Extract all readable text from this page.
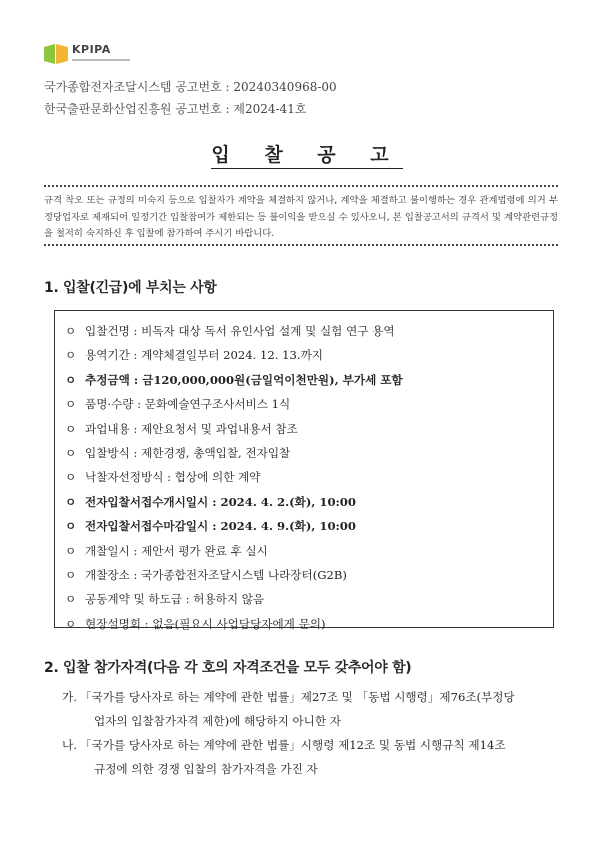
KPIPA
국가종합전자조달시스템 공고번호 : 20240340968-00
한국출판문화산업진흥원 공고번호 : 제2024-41호
입 찰 공 고
규격 착오 또는 규정의 미숙지 등으로 입찰자가 계약을 체결하지 않거나, 계약을 체결하고 불이행하는 경우 관계법령에 의거 부정당업자로 제재되어 일정기간 입찰참여가 제한되는 등 불이익을 받으실 수 있사오니, 본 입찰공고서의 규격서 및 계약관련규정을 철저히 숙지하신 후 입찰에 참가하여 주시기 바랍니다.
1. 입찰(긴급)에 부치는 사항
ㅇ 입찰건명 : 비독자 대상 독서 유인사업 설계 및 실험 연구 용역
ㅇ 용역기간 : 계약체결일부터 2024. 12. 13.까지
ㅇ 추정금액 : 금120,000,000원(금일억이천만원), 부가세 포함
ㅇ 품명·수량 : 문화예술연구조사서비스 1식
ㅇ 과업내용 : 제안요청서 및 과업내용서 참조
ㅇ 입찰방식 : 제한경쟁, 총액입찰, 전자입찰
ㅇ 낙찰자선정방식 : 협상에 의한 계약
ㅇ 전자입찰서접수개시일시 : 2024. 4. 2.(화), 10:00
ㅇ 전자입찰서접수마감일시 : 2024. 4. 9.(화), 10:00
ㅇ 개찰일시 : 제안서 평가 완료 후 실시
ㅇ 개찰장소 : 국가종합전자조달시스템 나라장터(G2B)
ㅇ 공동계약 및 하도급 : 허용하지 않음
ㅇ 현장설명회 : 없음(필요시 사업담당자에게 문의)
2. 입찰 참가자격(다음 각 호의 자격조건을 모두 갖추어야 함)
가. 「국가를 당사자로 하는 계약에 관한 법률」제27조 및 「동법 시행령」제76조(부정당
업자의 입찰참가자격 제한)에 해당하지 아니한 자
나. 「국가를 당사자로 하는 계약에 관한 법률」시행령 제12조 및 동법 시행규칙 제14조
규정에 의한 경쟁 입찰의 참가자격을 가진 자
